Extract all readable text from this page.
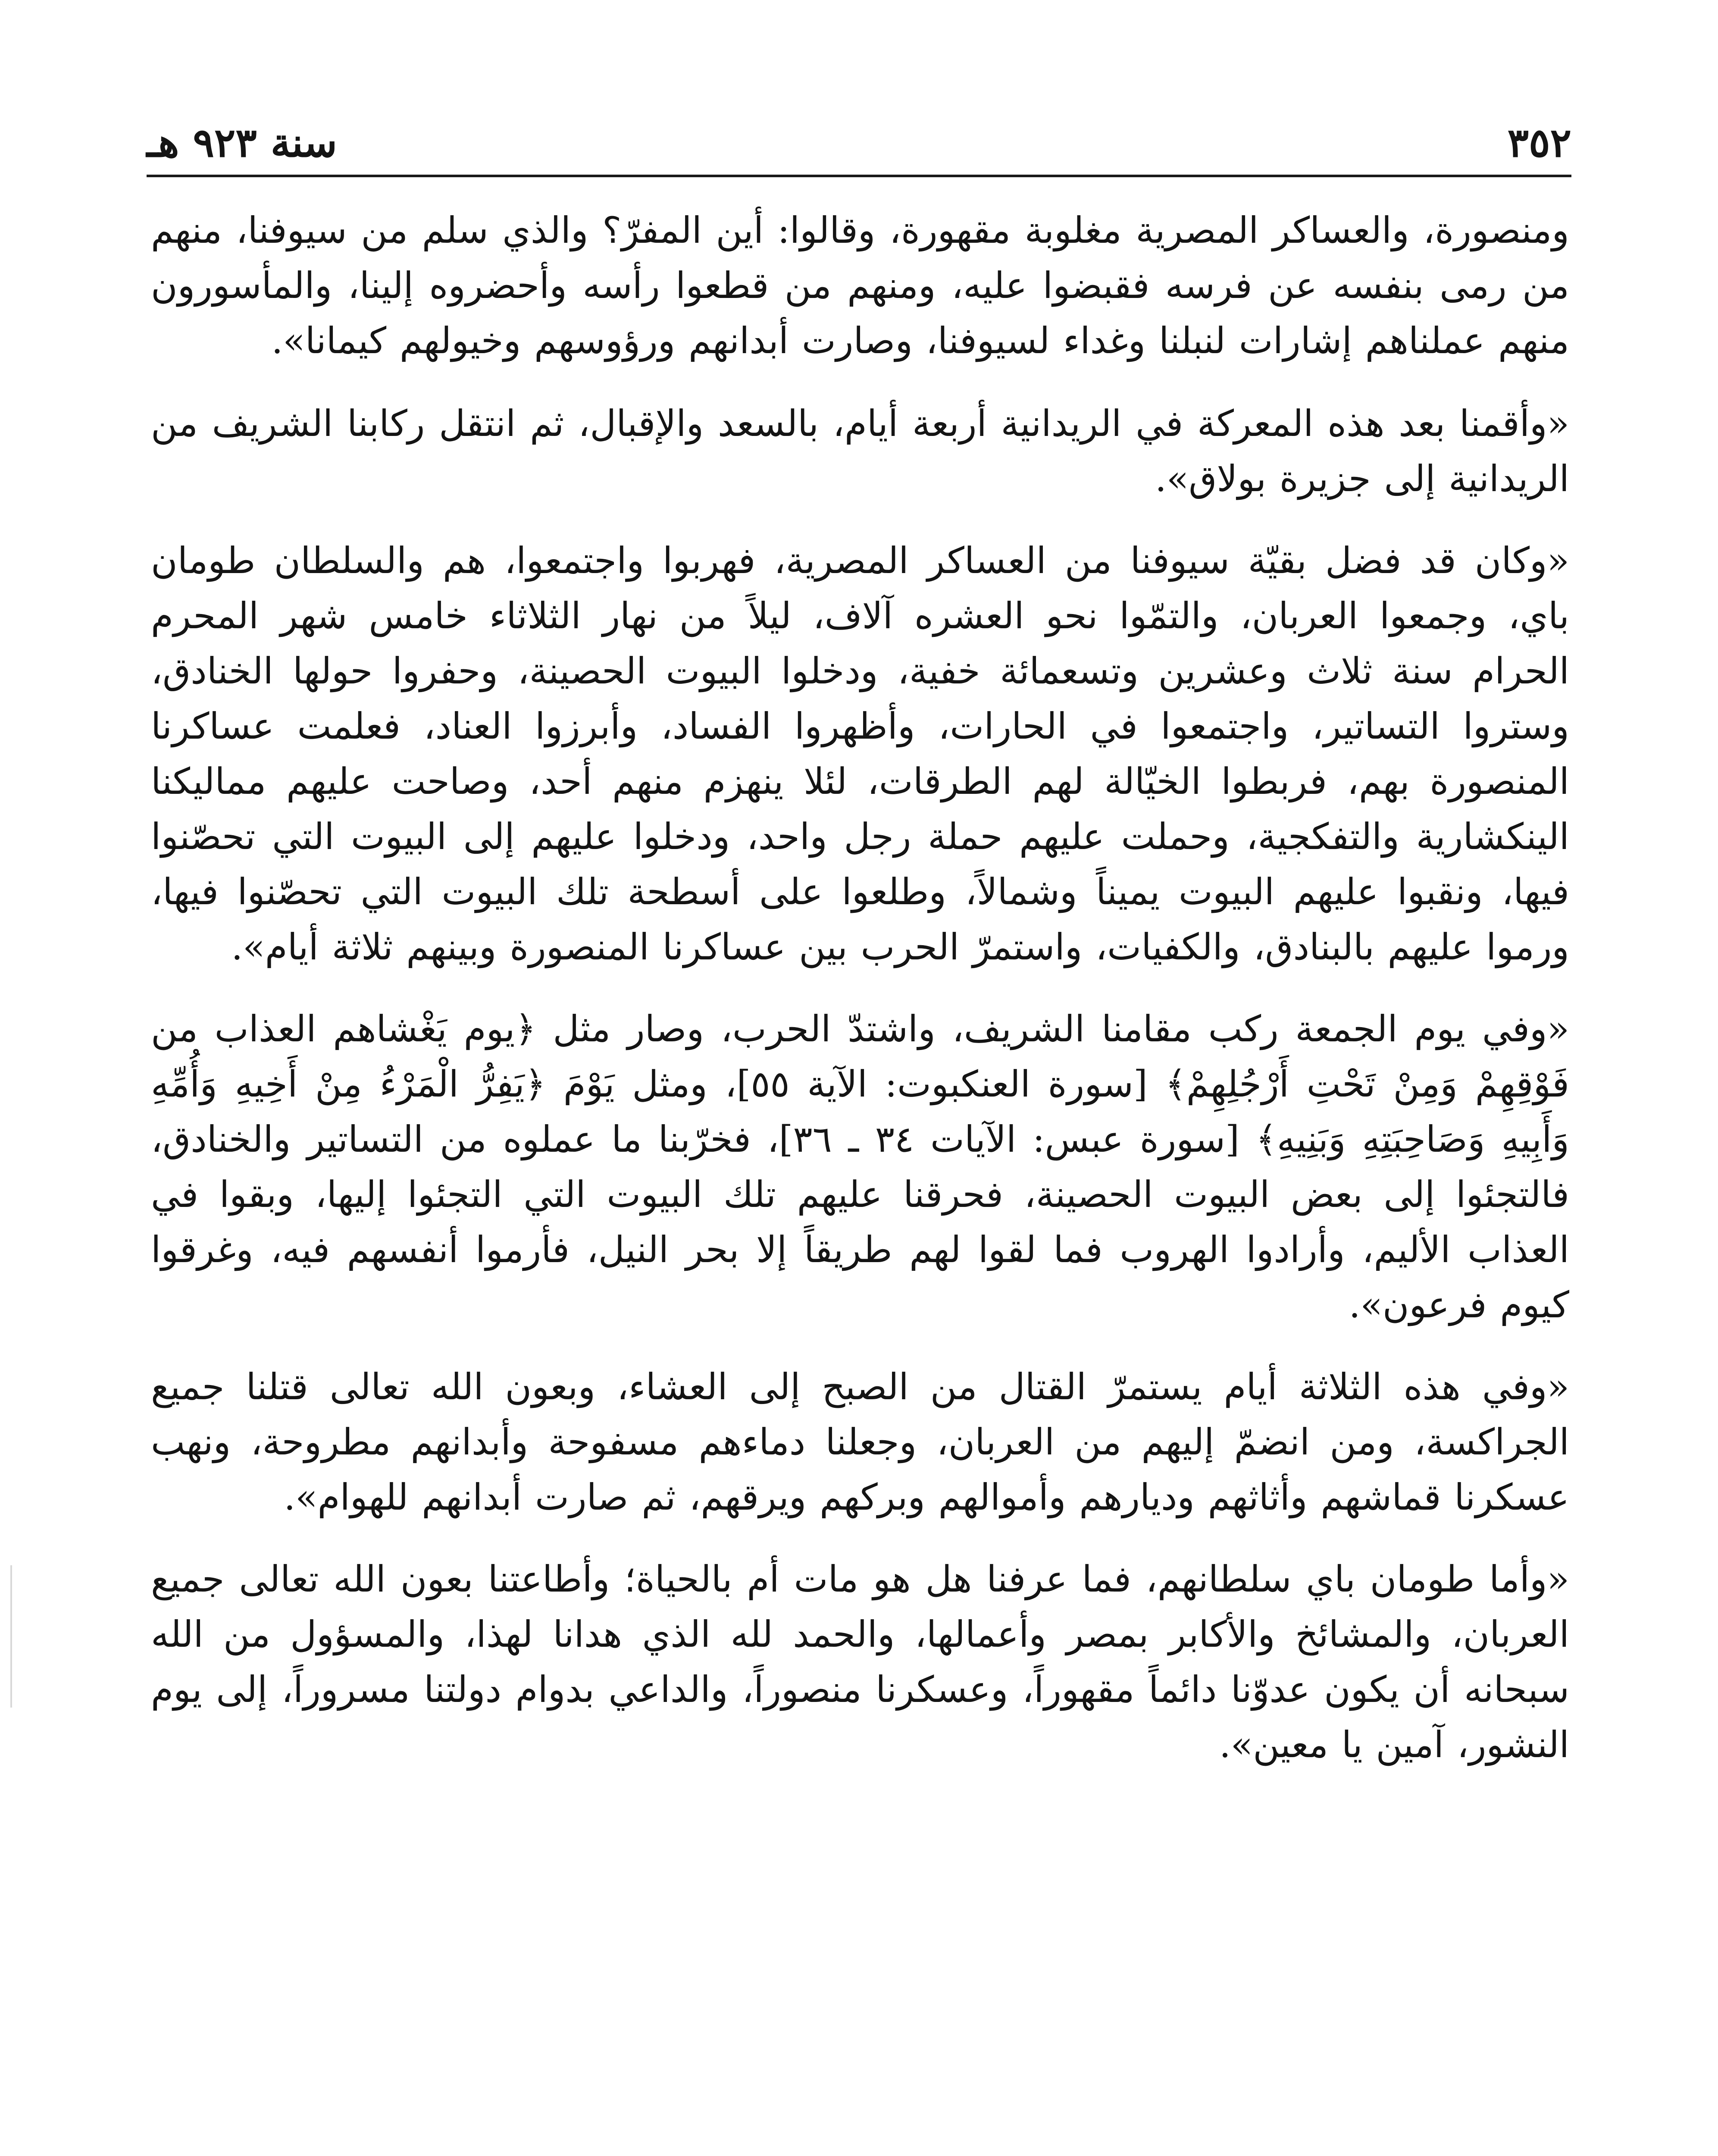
٣٥٢
سنة ٩٢٣ هـ

ومنصورة، والعساكر المصرية مغلوبة مقهورة، وقالوا: أين المفرّ؟ والذي سلم من سيوفنا، منهم من رمى بنفسه عن فرسه فقبضوا عليه، ومنهم من قطعوا رأسه وأحضروه إلينا، والمأسورون منهم عملناهم إشارات لنبلنا وغداء لسيوفنا، وصارت أبدانهم ورؤوسهم وخيولهم كيمانا».

«وأقمنا بعد هذه المعركة في الريدانية أربعة أيام، بالسعد والإقبال، ثم انتقل ركابنا الشريف من الريدانية إلى جزيرة بولاق».

«وكان قد فضل بقيّة سيوفنا من العساكر المصرية، فهربوا واجتمعوا، هم والسلطان طومان باي، وجمعوا العربان، والتمّوا نحو العشره آلاف، ليلاً من نهار الثلاثاء خامس شهر المحرم الحرام سنة ثلاث وعشرين وتسعمائة خفية، ودخلوا البيوت الحصينة، وحفروا حولها الخنادق، وستروا التساتير، واجتمعوا في الحارات، وأظهروا الفساد، وأبرزوا العناد، فعلمت عساكرنا المنصورة بهم، فربطوا الخيّالة لهم الطرقات، لئلا ينهزم منهم أحد، وصاحت عليهم مماليكنا الينكشارية والتفكجية، وحملت عليهم حملة رجل واحد، ودخلوا عليهم إلى البيوت التي تحصّنوا فيها، ونقبوا عليهم البيوت يميناً وشمالاً، وطلعوا على أسطحة تلك البيوت التي تحصّنوا فيها، ورموا عليهم بالبنادق، والكفيات، واستمرّ الحرب بين عساكرنا المنصورة وبينهم ثلاثة أيام».

«وفي يوم الجمعة ركب مقامنا الشريف، واشتدّ الحرب، وصار مثل ﴿يوم يَغْشاهم العذاب من فَوْقِهِمْ وَمِنْ تَحْتِ أَرْجُلِهِمْ﴾ [سورة العنكبوت: الآية ٥٥]، ومثل يَوْمَ ﴿يَفِرُّ الْمَرْءُ مِنْ أَخِيهِ وَأُمِّهِ وَأَبِيهِ وَصَاحِبَتِهِ وَبَنِيهِ﴾ [سورة عبس: الآيات ٣٤ ـ ٣٦]، فخرّبنا ما عملوه من التساتير والخنادق، فالتجئوا إلى بعض البيوت الحصينة، فحرقنا عليهم تلك البيوت التي التجئوا إليها، وبقوا في العذاب الأليم، وأرادوا الهروب فما لقوا لهم طريقاً إلا بحر النيل، فأرموا أنفسهم فيه، وغرقوا كيوم فرعون».

«وفي هذه الثلاثة أيام يستمرّ القتال من الصبح إلى العشاء، وبعون الله تعالى قتلنا جميع الجراكسة، ومن انضمّ إليهم من العربان، وجعلنا دماءهم مسفوحة وأبدانهم مطروحة، ونهب عسكرنا قماشهم وأثاثهم وديارهم وأموالهم وبركهم ويرقهم، ثم صارت أبدانهم للهوام».

«وأما طومان باي سلطانهم، فما عرفنا هل هو مات أم بالحياة؛ وأطاعتنا بعون الله تعالى جميع العربان، والمشائخ والأكابر بمصر وأعمالها، والحمد لله الذي هدانا لهذا، والمسؤول من الله سبحانه أن يكون عدوّنا دائماً مقهوراً، وعسكرنا منصوراً، والداعي بدوام دولتنا مسروراً، إلى يوم النشور، آمين يا معين».
